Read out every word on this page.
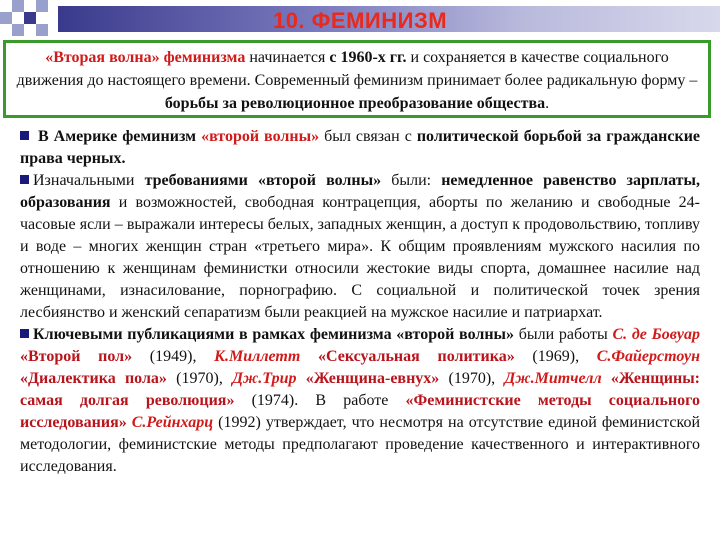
10. ФЕМИНИЗМ
«Вторая волна» феминизма начинается с 1960-х гг. и сохраняется в качестве социального движения до настоящего времени. Современный феминизм принимает более радикальную форму – борьбы за революционное преобразование общества.

В Америке феминизм «второй волны» был связан с политической борьбой за гражданские права черных.

Изначальными требованиями «второй волны» были: немедленное равенство зарплаты, образования и возможностей, свободная контрацепция, аборты по желанию и свободные 24-часовые ясли – выражали интересы белых, западных женщин, а доступ к продовольствию, топливу и воде – многих женщин стран «третьего мира». К общим проявлениям мужского насилия по отношению к женщинам феминистки относили жестокие виды спорта, домашнее насилие над женщинами, изнасилование, порнографию. С социальной и политической точек зрения лесбиянство и женский сепаратизм были реакцией на мужское насилие и патриархат.

Ключевыми публикациями в рамках феминизма «второй волны» были работы С. де Бовуар «Второй пол» (1949), К.Миллетт «Сексуальная политика» (1969), С.Файерстоун «Диалектика пола» (1970), Дж.Трир «Женщина-евнух» (1970), Дж.Митчелл «Женщины: самая долгая революция» (1974). В работе «Феминистские методы социального исследования» С.Рейнхарц (1992) утверждает, что несмотря на отсутствие единой феминистской методологии, феминистские методы предполагают проведение качественного и интерактивного исследования.
